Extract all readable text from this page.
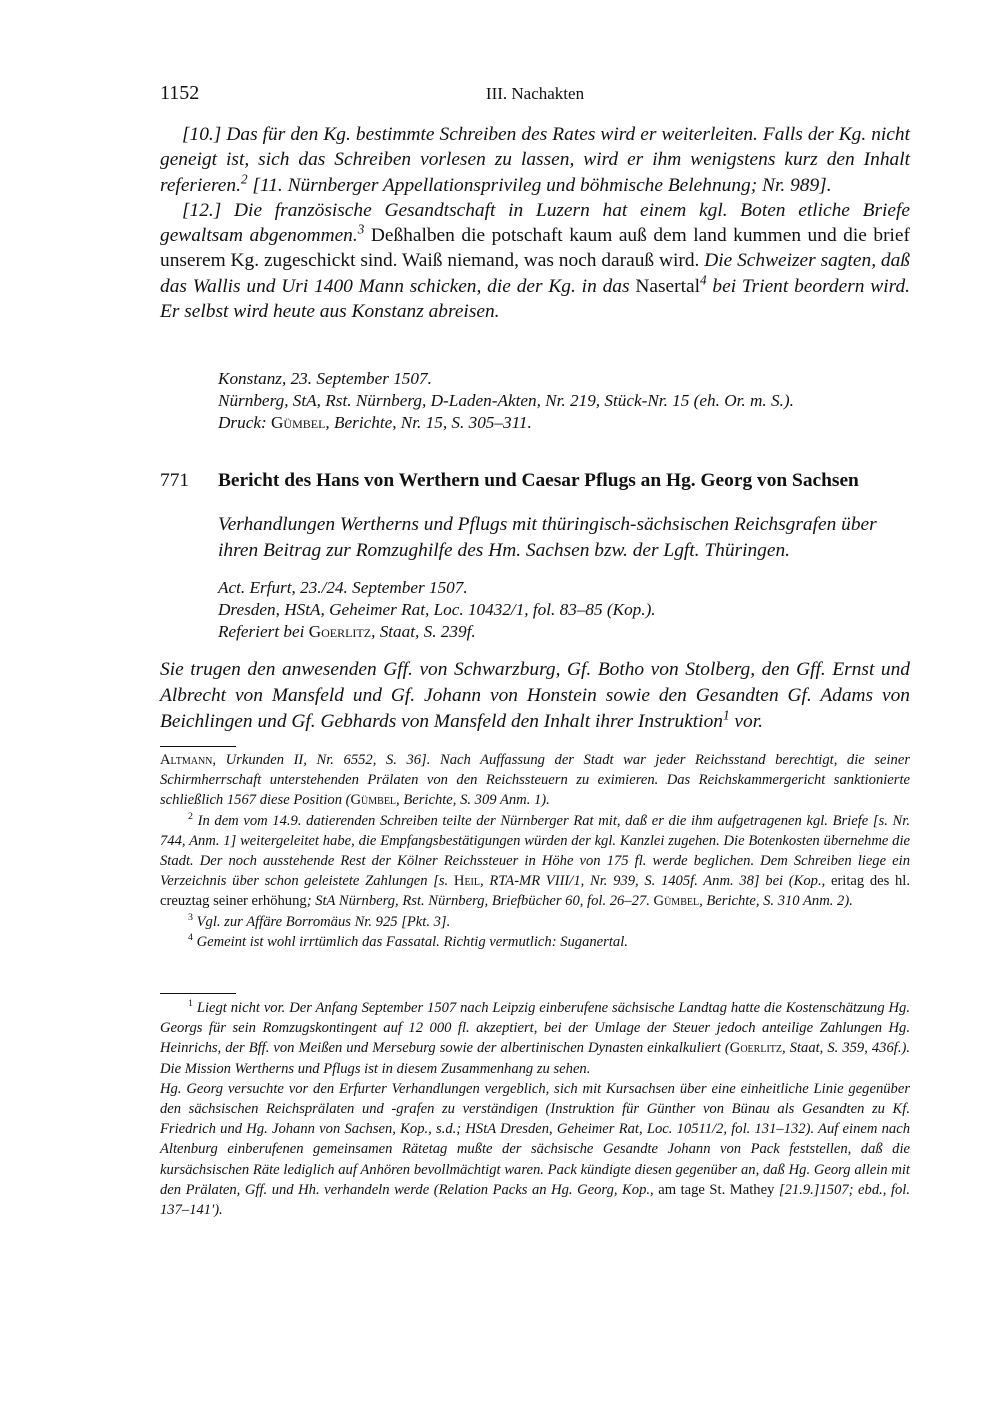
1152	III. Nachakten

[10.] Das für den Kg. bestimmte Schreiben des Rates wird er weiterleiten. Falls der Kg. nicht geneigt ist, sich das Schreiben vorlesen zu lassen, wird er ihm wenigstens kurz den Inhalt referieren.$^2$ [11. Nürnberger Appellationsprivileg und böhmische Belehnung; Nr. 989].

[12.] Die französische Gesandtschaft in Luzern hat einem kgl. Boten etliche Briefe gewaltsam abgenommen.$^3$ Deßhalben die potschaft kaum auß dem land kummen und die brief unserem Kg. zugeschickt sind. Waiß niemand, was noch darauß wird. Die Schweizer sagten, daß das Wallis und Uri 1400 Mann schicken, die der Kg. in das Nasertal$^4$ bei Trient beordern wird. Er selbst wird heute aus Konstanz abreisen.

Konstanz, 23. September 1507.
Nürnberg, StA, Rst. Nürnberg, D-Laden-Akten, Nr. 219, Stück-Nr. 15 (eh. Or. m. S.).
Druck: Gümbel, Berichte, Nr. 15, S. 305–311.
771 Bericht des Hans von Werthern und Caesar Pflugs an Hg. Georg von Sachsen
Verhandlungen Wertherns und Pflugs mit thüringisch-sächsischen Reichsgrafen über ihren Beitrag zur Romzughilfe des Hm. Sachsen bzw. der Lgft. Thüringen.
Act. Erfurt, 23./24. September 1507.
Dresden, HStA, Geheimer Rat, Loc. 10432/1, fol. 83–85 (Kop.).
Referiert bei Goerlitz, Staat, S. 239f.
Sie trugen den anwesenden Gff. von Schwarzburg, Gf. Botho von Stolberg, den Gff. Ernst und Albrecht von Mansfeld und Gf. Johann von Honstein sowie den Gesandten Gf. Adams von Beichlingen und Gf. Gebhards von Mansfeld den Inhalt ihrer Instruktion$^1$ vor.

Altmann, Urkunden II, Nr. 6552, S. 36]. Nach Auffassung der Stadt war jeder Reichsstand berechtigt, die seiner Schirmherrschaft unterstehenden Prälaten von den Reichssteuern zu eximieren. Das Reichskammergericht sanktionierte schließlich 1567 diese Position (Gümbel, Berichte, S. 309 Anm. 1).

$^2$ In dem vom 14.9. datierenden Schreiben teilte der Nürnberger Rat mit, daß er die ihm aufgetragenen kgl. Briefe [s. Nr. 744, Anm. 1] weitergeleitet habe, die Empfangsbestätigungen würden der kgl. Kanzlei zugehen. Die Botenkosten übernehme die Stadt. Der noch ausstehende Rest der Kölner Reichssteuer in Höhe von 175 fl. werde beglichen. Dem Schreiben liege ein Verzeichnis über schon geleistete Zahlungen [s. Heil, RTA-MR VIII/1, Nr. 939, S. 1405f. Anm. 38] bei (Kop., eritag des hl. creuztag seiner erhöhung; StA Nürnberg, Rst. Nürnberg, Briefbücher 60, fol. 26–27. Gümbel, Berichte, S. 310 Anm. 2).

$^3$ Vgl. zur Affäre Borromäus Nr. 925 [Pkt. 3].

$^4$ Gemeint ist wohl irrtümlich das Fassatal. Richtig vermutlich: Suganertal.

$^1$ Liegt nicht vor. Der Anfang September 1507 nach Leipzig einberufene sächsische Landtag hatte die Kostenschätzung Hg. Georgs für sein Romzugskontingent auf 12 000 fl. akzeptiert, bei der Umlage der Steuer jedoch anteilige Zahlungen Hg. Heinrichs, der Bff. von Meißen und Merseburg sowie der albertinischen Dynasten einkalkuliert (Goerlitz, Staat, S. 359, 436f.). Die Mission Wertherns und Pflugs ist in diesem Zusammenhang zu sehen.

Hg. Georg versuchte vor den Erfurter Verhandlungen vergeblich, sich mit Kursachsen über eine einheitliche Linie gegenüber den sächsischen Reichsprälaten und -grafen zu verständigen (Instruktion für Günther von Bünau als Gesandten zu Kf. Friedrich und Hg. Johann von Sachsen, Kop., s.d.; HStA Dresden, Geheimer Rat, Loc. 10511/2, fol. 131–132). Auf einem nach Altenburg einberufenen gemeinsamen Rätetag mußte der sächsische Gesandte Johann von Pack feststellen, daß die kursächsischen Räte lediglich auf Anhören bevollmächtigt waren. Pack kündigte diesen gegenüber an, daß Hg. Georg allein mit den Prälaten, Gff. und Hh. verhandeln werde (Relation Packs an Hg. Georg, Kop., am tage St. Mathey [21.9.]1507; ebd., fol. 137–141').
